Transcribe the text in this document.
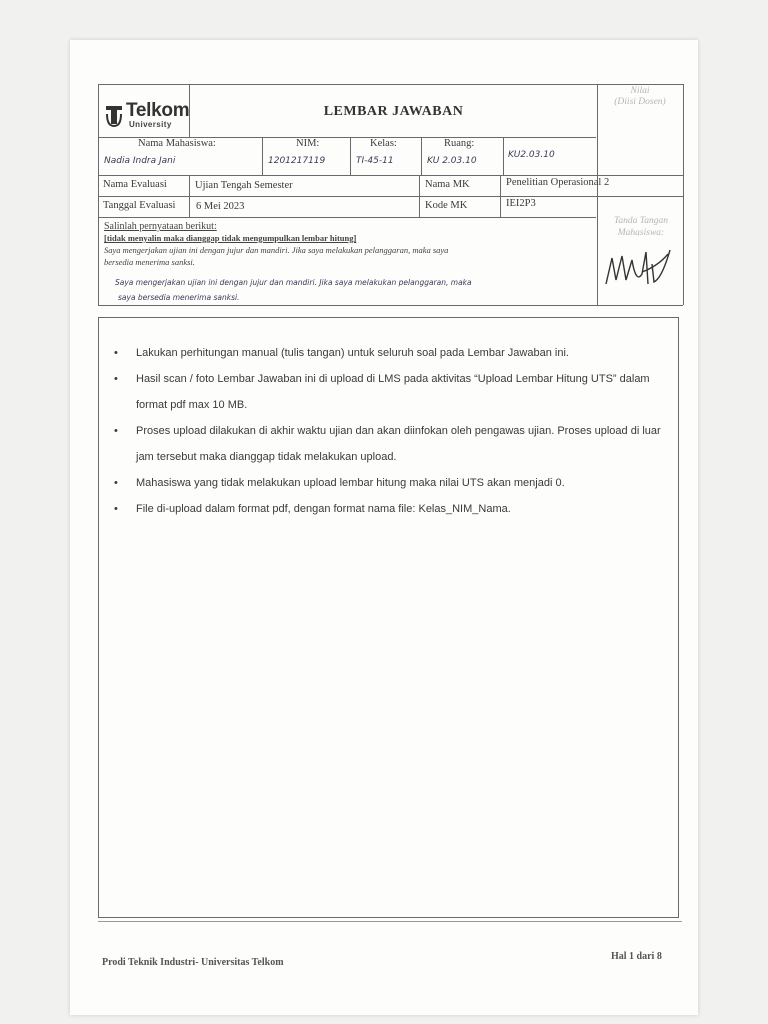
Telkom
University
LEMBAR JAWABAN
Nilai
(Diisi Dosen)
Nama Mahasiswa:
Nadia Indra Jani
NIM:
1201217119
Kelas:
TI-45-11
Ruang:
KU 2.03.10
KU2.03.10
Nama Evaluasi	Ujian Tengah Semester	Nama MK	Penelitian Operasional 2
Tanggal Evaluasi 6 Mei 2023	Kode MK	IEI2P3
Salinlah pernyataan berikut:
[tidak menyalin maka dianggap tidak mengumpulkan lembar hitung]
Saya mengerjakan ujian ini dengan jujur dan mandiri. Jika saya melakukan pelanggaran, maka saya
bersedia menerima sanksi.
Saya mengerjakan ujian ini dengan jujur dan mandiri. Jika saya melakukan pelanggaran, maka
saya bersedia menerima sanksi.
Tanda Tangan
Mahasiswa:
• Lakukan perhitungan manual (tulis tangan) untuk seluruh soal pada Lembar Jawaban ini.
• Hasil scan / foto Lembar Jawaban ini di upload di LMS pada aktivitas “Upload Lembar Hitung UTS” dalam format pdf max 10 MB.
• Proses upload dilakukan di akhir waktu ujian dan akan diinfokan oleh pengawas ujian. Proses upload di luar jam tersebut maka dianggap tidak melakukan upload.
• Mahasiswa yang tidak melakukan upload lembar hitung maka nilai UTS akan menjadi 0.
• File di-upload dalam format pdf, dengan format nama file: Kelas_NIM_Nama.
Prodi Teknik Industri- Universitas Telkom
Hal 1 dari 8
